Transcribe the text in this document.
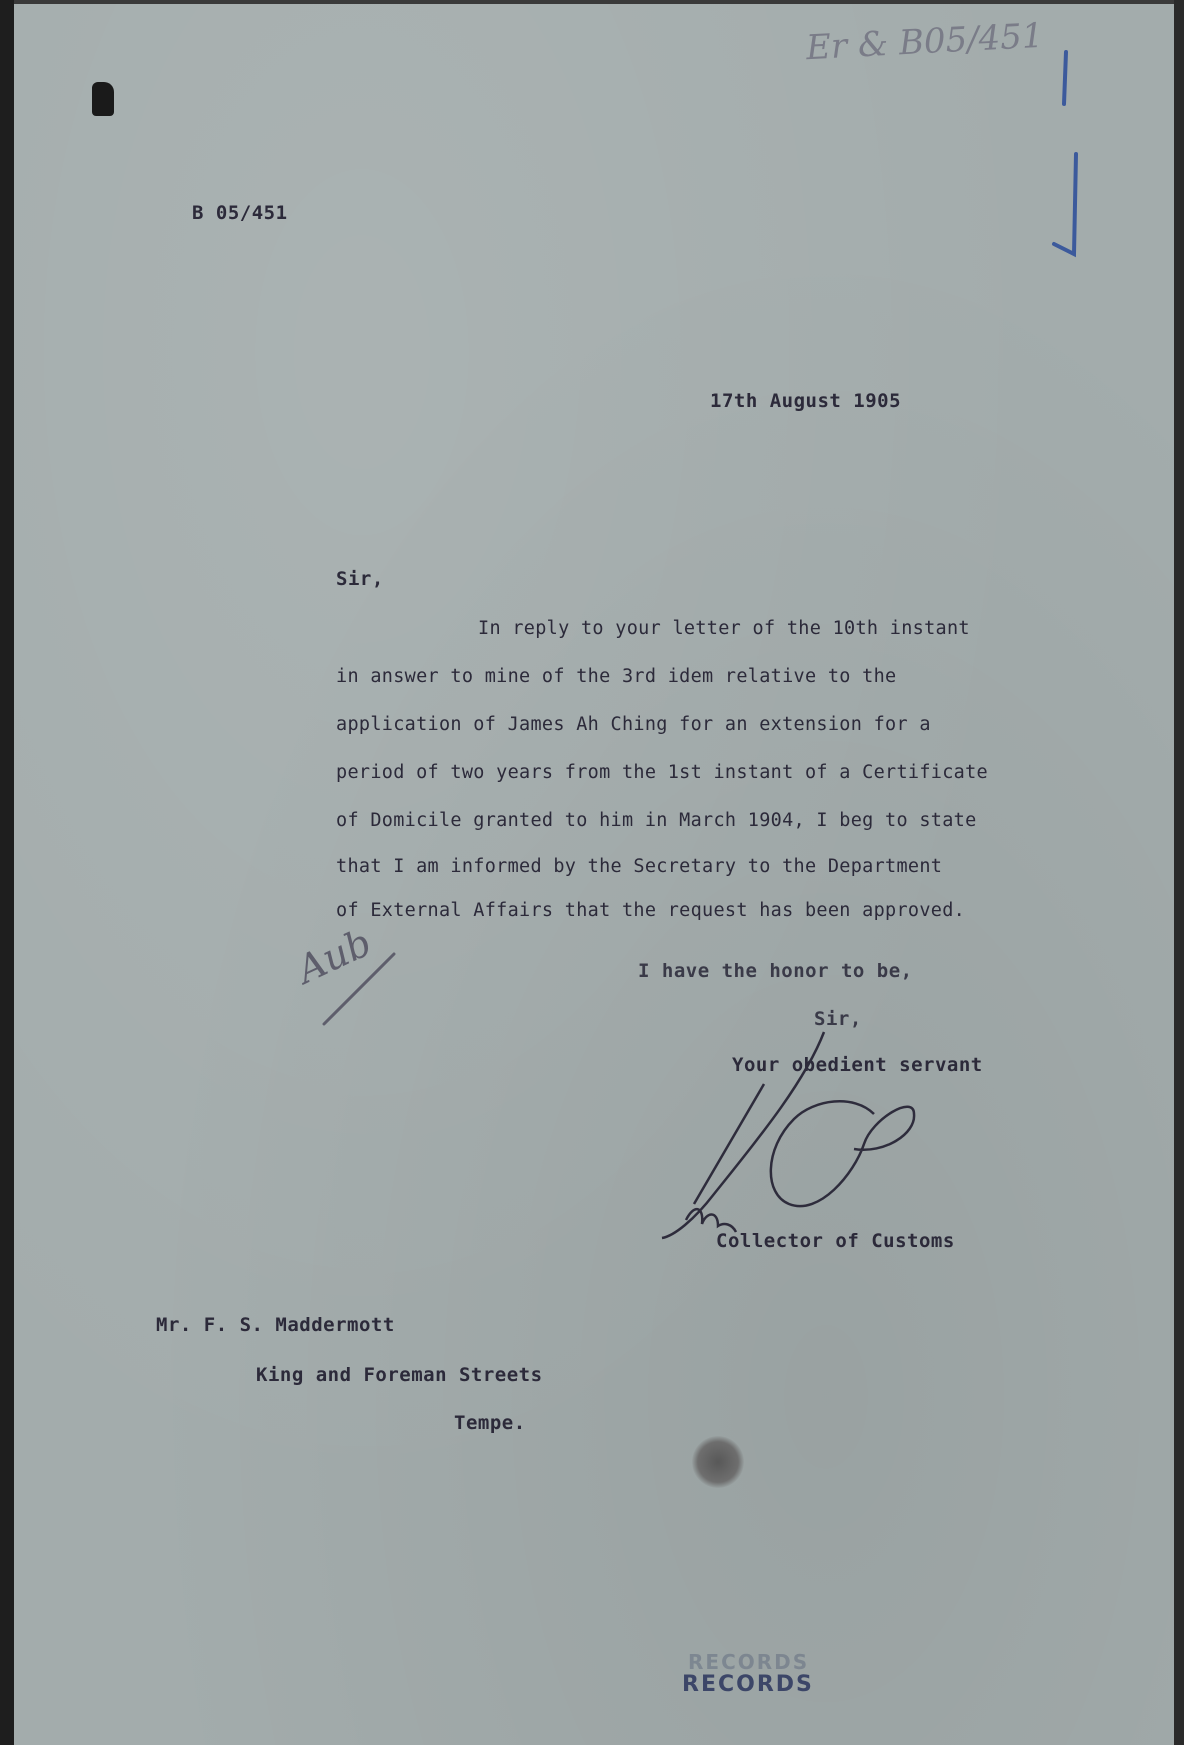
Er & B05/451
B 05/451
17th August 1905
Sir,
In reply to your letter of the 10th instant
in answer to mine of the 3rd idem relative to the
application of James Ah Ching for an extension for a
period of two years from the 1st instant of a Certificate
of Domicile granted to him in March 1904, I beg to state
that I am informed by the Secretary to the Department
of External Affairs that the request has been approved.
Aub	I have the honor to be,
Sir,
Your obedient servant
Collector of Customs
Mr. F. S. Maddermott
King and Foreman Streets
Tempe.
RECORDS
RECORDS
